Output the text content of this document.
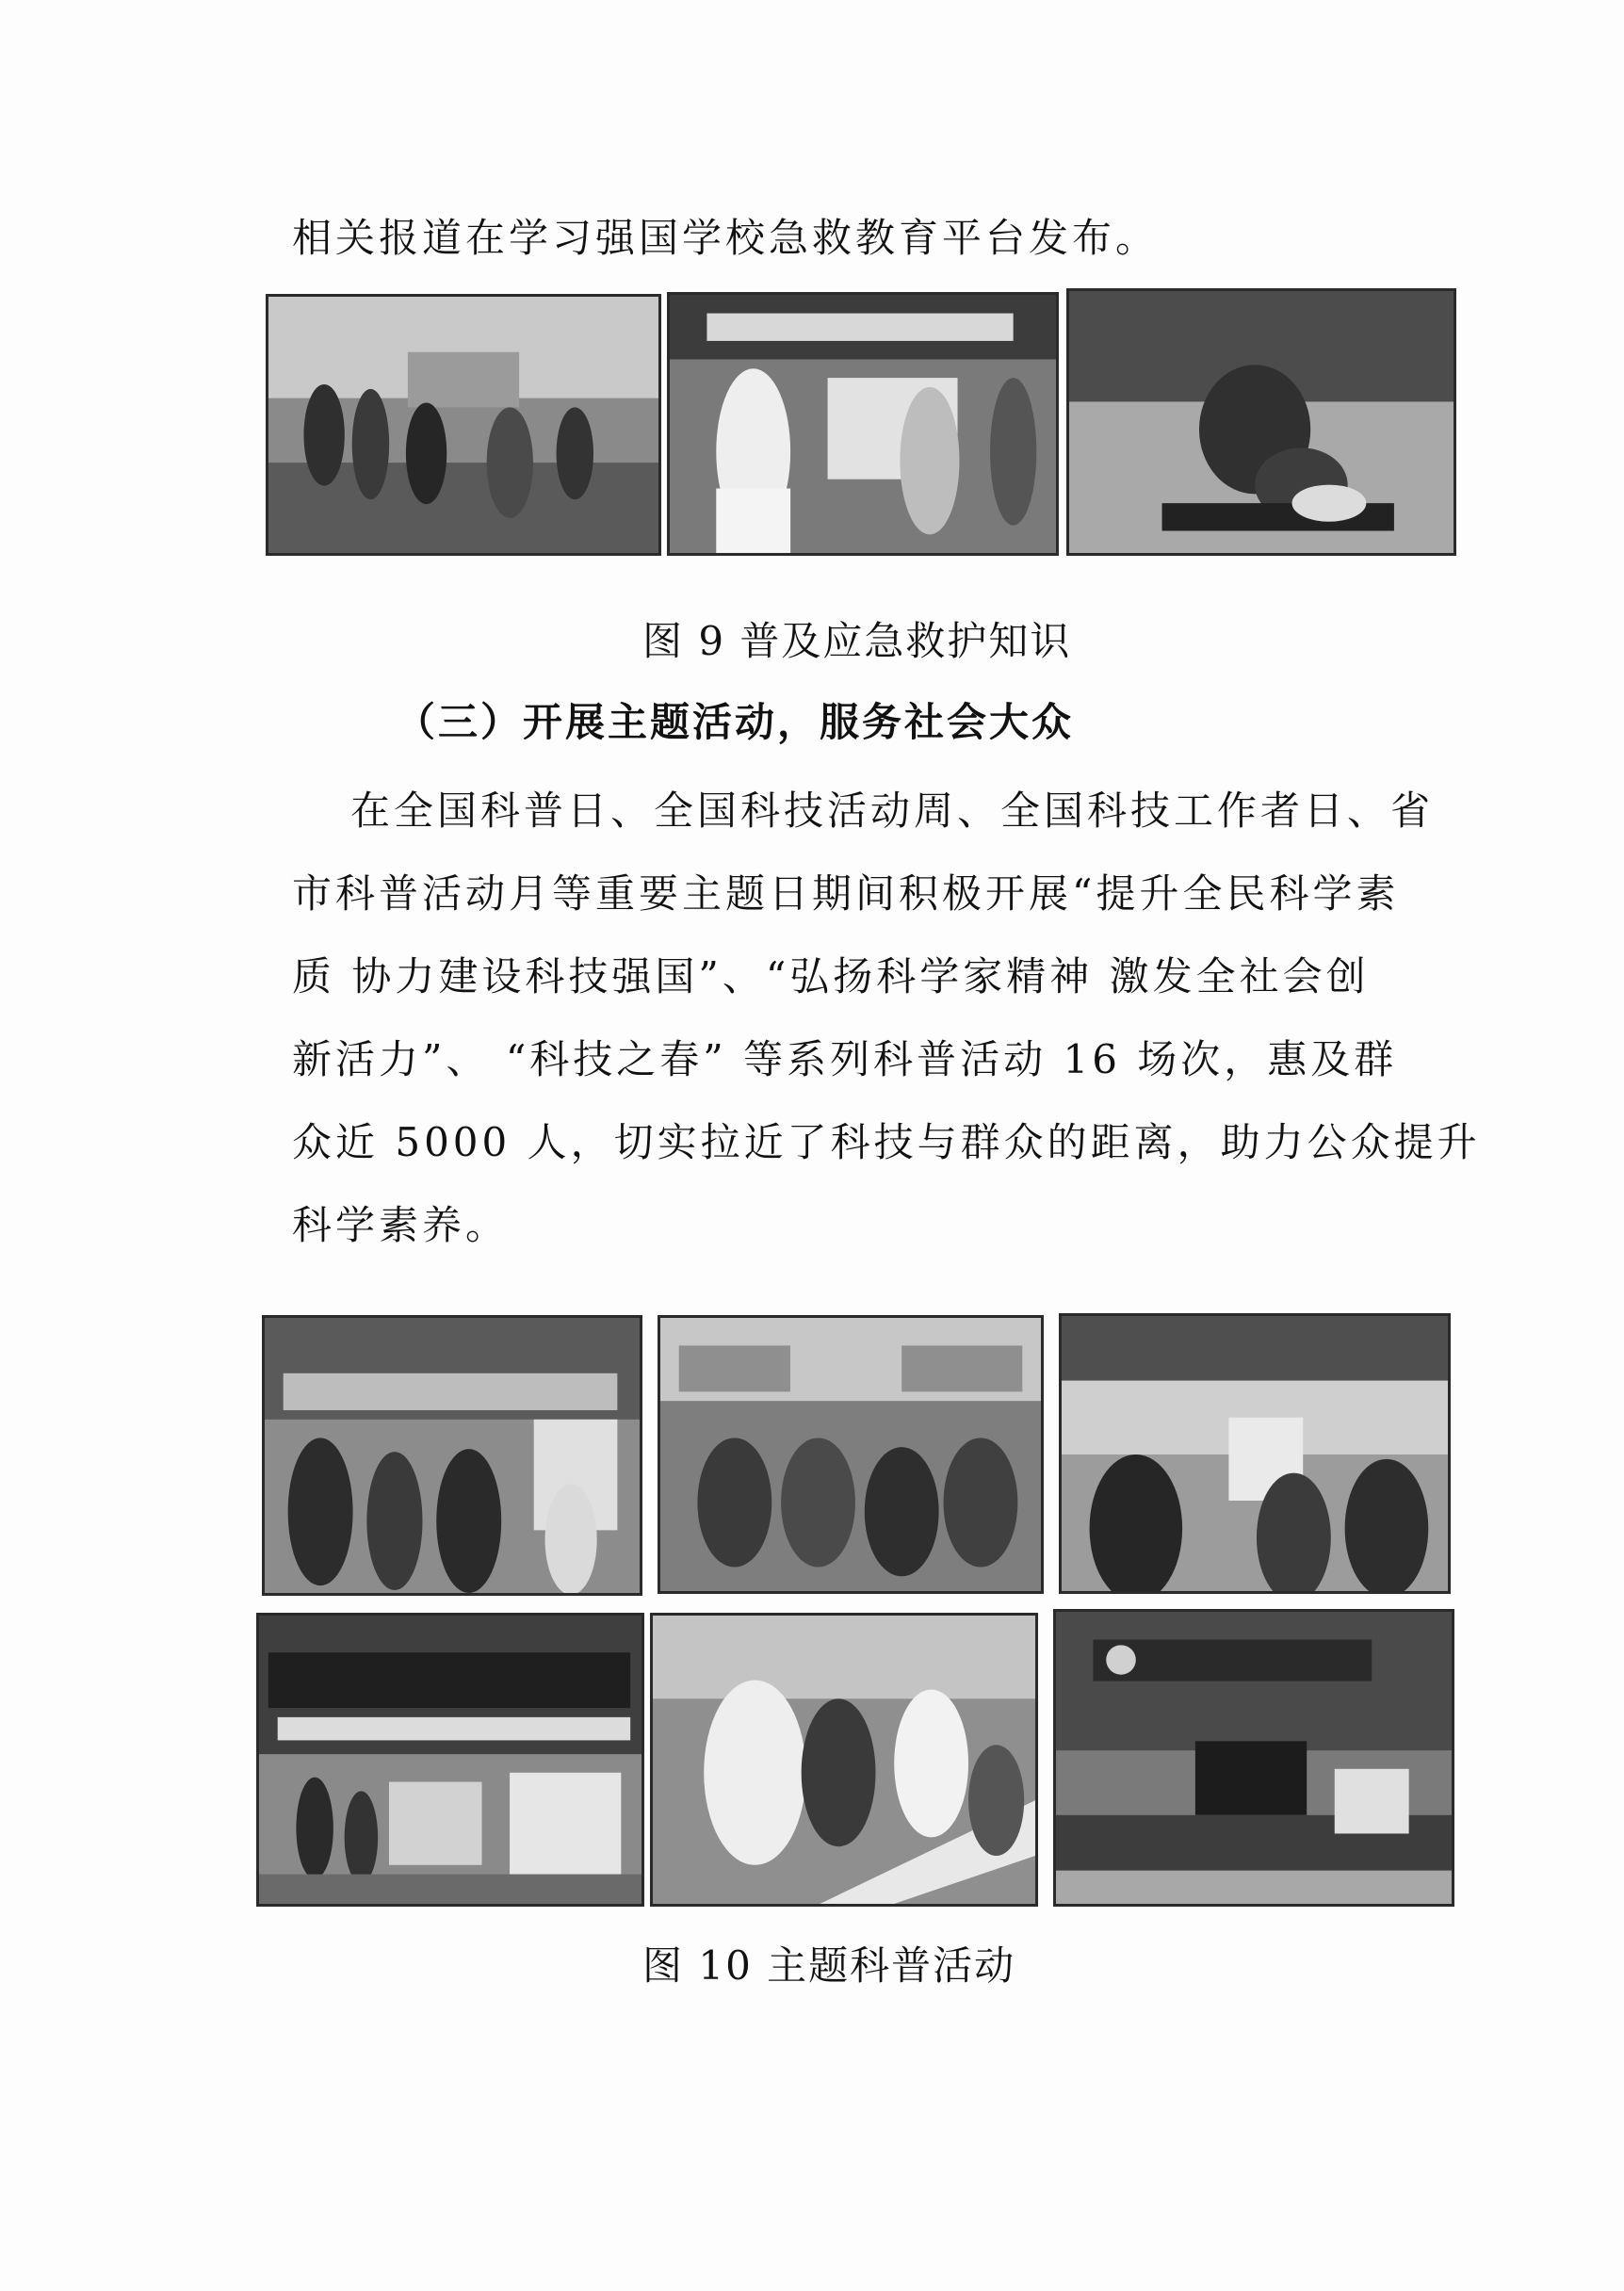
相关报道在学习强国学校急救教育平台发布。
图 9 普及应急救护知识
（三）开展主题活动，服务社会大众
在全国科普日、全国科技活动周、全国科技工作者日、省
市科普活动月等重要主题日期间积极开展“提升全民科学素
质 协力建设科技强国”、“弘扬科学家精神 激发全社会创
新活力”、 “科技之春” 等系列科普活动 16 场次，惠及群
众近 5000 人，切实拉近了科技与群众的距离，助力公众提升
科学素养。
图 10 主题科普活动
